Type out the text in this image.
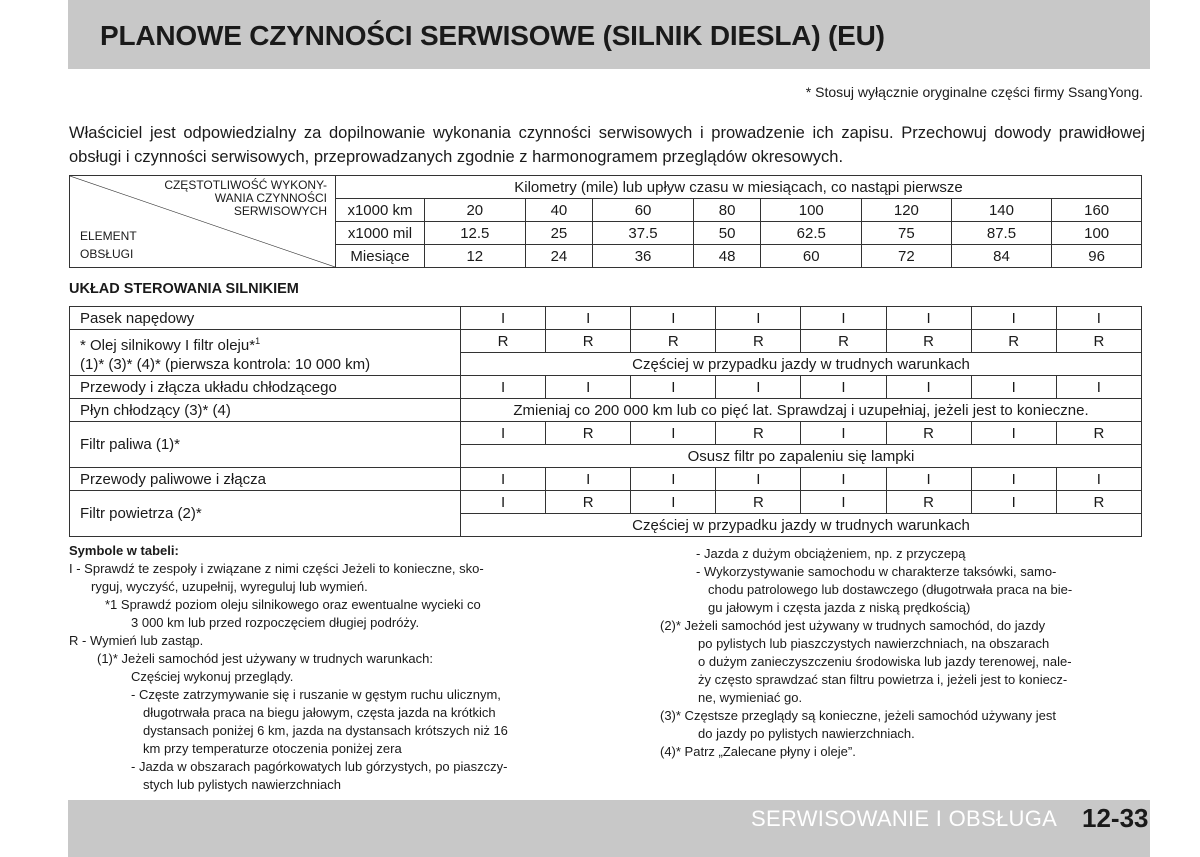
PLANOWE CZYNNOŚCI SERWISOWE (SILNIK DIESLA) (EU)
* Stosuj wyłącznie oryginalne części firmy SsangYong.
Właściciel jest odpowiedzialny za dopilnowanie wykonania czynności serwisowych i prowadzenie ich zapisu. Przechowuj dowody prawidłowej obsługi i czynności serwisowych, przeprowadzanych zgodnie z harmonogramem przeglądów okresowych.
CZĘSTOTLIWOŚĆ WYKONY-
WANIA CZYNNOŚCI
SERWISOWYCH
ELEMENT
OBSŁUGI	Kilometry (mile) lub upływ czasu w miesiącach, co nastąpi pierwsze								
	x1000 km	20	40	60	80	100	120	140	160
	x1000 mil	12.5	25	37.5	50	62.5	75	87.5	100
	Miesiące	12	24	36	48	60	72	84	96
UKŁAD STEROWANIA SILNIKIEM
Pasek napędowy	I	I	I	I	I	I	I	I
* Olej silnikowy I filtr oleju*$^1$
(1)* (3)* (4)* (pierwsza kontrola: 10 000 km)	R	R	R	R	R	R	R	R
	Częściej w przypadku jazdy w trudnych warunkach							
Przewody i złącza układu chłodzącego	I	I	I	I	I	I	I	I
Płyn chłodzący (3)* (4)	Zmieniaj co 200 000 km lub co pięć lat. Sprawdzaj i uzupełniaj, jeżeli jest to konieczne.							
Filtr paliwa (1)*	I	R	I	R	I	R	I	R
	Osusz filtr po zapaleniu się lampki							
Przewody paliwowe i złącza	I	I	I	I	I	I	I	I
Filtr powietrza (2)*	I	R	I	R	I	R	I	R
	Częściej w przypadku jazdy w trudnych warunkach							

Symbole w tabeli:

I - Sprawdź te zespoły i związane z nimi części Jeżeli to konieczne, sko-

ryguj, wyczyść, uzupełnij, wyreguluj lub wymień.

*1 Sprawdź poziom oleju silnikowego oraz ewentualne wycieki co

3 000 km lub przed rozpoczęciem długiej podróży.

R - Wymień lub zastąp.

(1)* Jeżeli samochód jest używany w trudnych warunkach:

Częściej wykonuj przeglądy.

- Częste zatrzymywanie się i ruszanie w gęstym ruchu ulicznym,

długotrwała praca na biegu jałowym, częsta jazda na krótkich

dystansach poniżej 6 km, jazda na dystansach krótszych niż 16

km przy temperaturze otoczenia poniżej zera

- Jazda w obszarach pagórkowatych lub górzystych, po piaszczy-

stych lub pylistych nawierzchniach

- Jazda z dużym obciążeniem, np. z przyczepą

- Wykorzystywanie samochodu w charakterze taksówki, samo-

chodu patrolowego lub dostawczego (długotrwała praca na bie-

gu jałowym i częsta jazda z niską prędkością)

(2)* Jeżeli samochód jest używany w trudnych samochód, do jazdy

po pylistych lub piaszczystych nawierzchniach, na obszarach

o dużym zanieczyszczeniu środowiska lub jazdy terenowej, nale-

ży często sprawdzać stan filtru powietrza i, jeżeli jest to koniecz-

ne, wymieniać go.

(3)* Częstsze przeglądy są konieczne, jeżeli samochód używany jest

do jazdy po pylistych nawierzchniach.

(4)* Patrz „Zalecane płyny i oleje”.

SERWISOWANIE I OBSŁUGA 12-33
